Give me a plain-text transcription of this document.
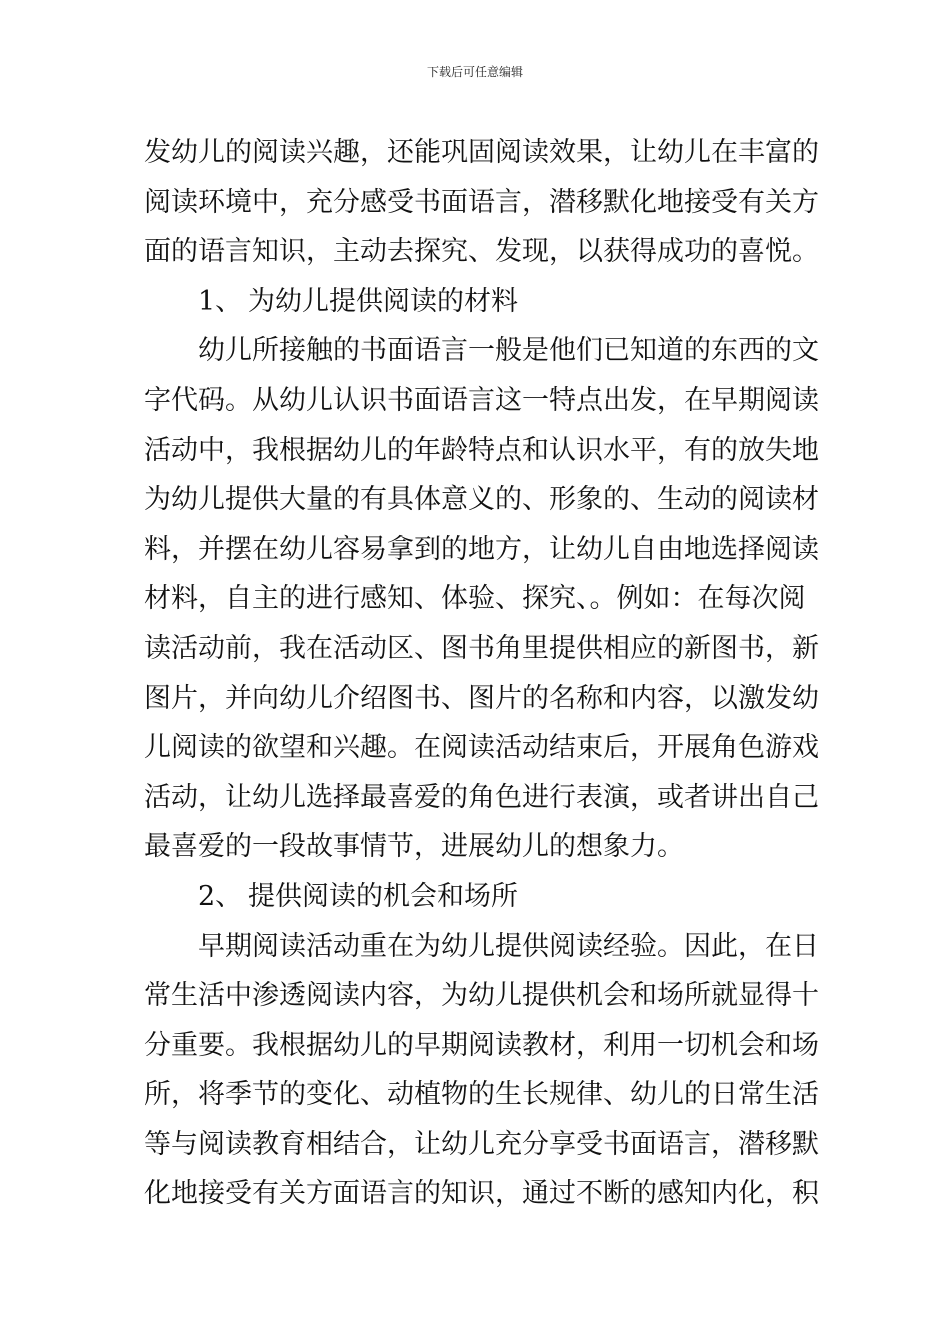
下载后可任意编辑
发幼儿的阅读兴趣，还能巩固阅读效果，让幼儿在丰富的
阅读环境中，充分感受书面语言，潜移默化地接受有关方
面的语言知识，主动去探究、发现，以获得成功的喜悦。
1、 为幼儿提供阅读的材料
幼儿所接触的书面语言一般是他们已知道的东西的文
字代码。从幼儿认识书面语言这一特点出发，在早期阅读
活动中，我根据幼儿的年龄特点和认识水平，有的放失地
为幼儿提供大量的有具体意义的、形象的、生动的阅读材
料，并摆在幼儿容易拿到的地方，让幼儿自由地选择阅读
材料，自主的进行感知、体验、探究、。例如：在每次阅
读活动前，我在活动区、图书角里提供相应的新图书，新
图片，并向幼儿介绍图书、图片的名称和内容，以激发幼
儿阅读的欲望和兴趣。在阅读活动结束后，开展角色游戏
活动，让幼儿选择最喜爱的角色进行表演，或者讲出自己
最喜爱的一段故事情节，进展幼儿的想象力。
2、 提供阅读的机会和场所
早期阅读活动重在为幼儿提供阅读经验。因此，在日
常生活中渗透阅读内容，为幼儿提供机会和场所就显得十
分重要。我根据幼儿的早期阅读教材，利用一切机会和场
所，将季节的变化、动植物的生长规律、幼儿的日常生活
等与阅读教育相结合，让幼儿充分享受书面语言，潜移默
化地接受有关方面语言的知识，通过不断的感知内化，积
